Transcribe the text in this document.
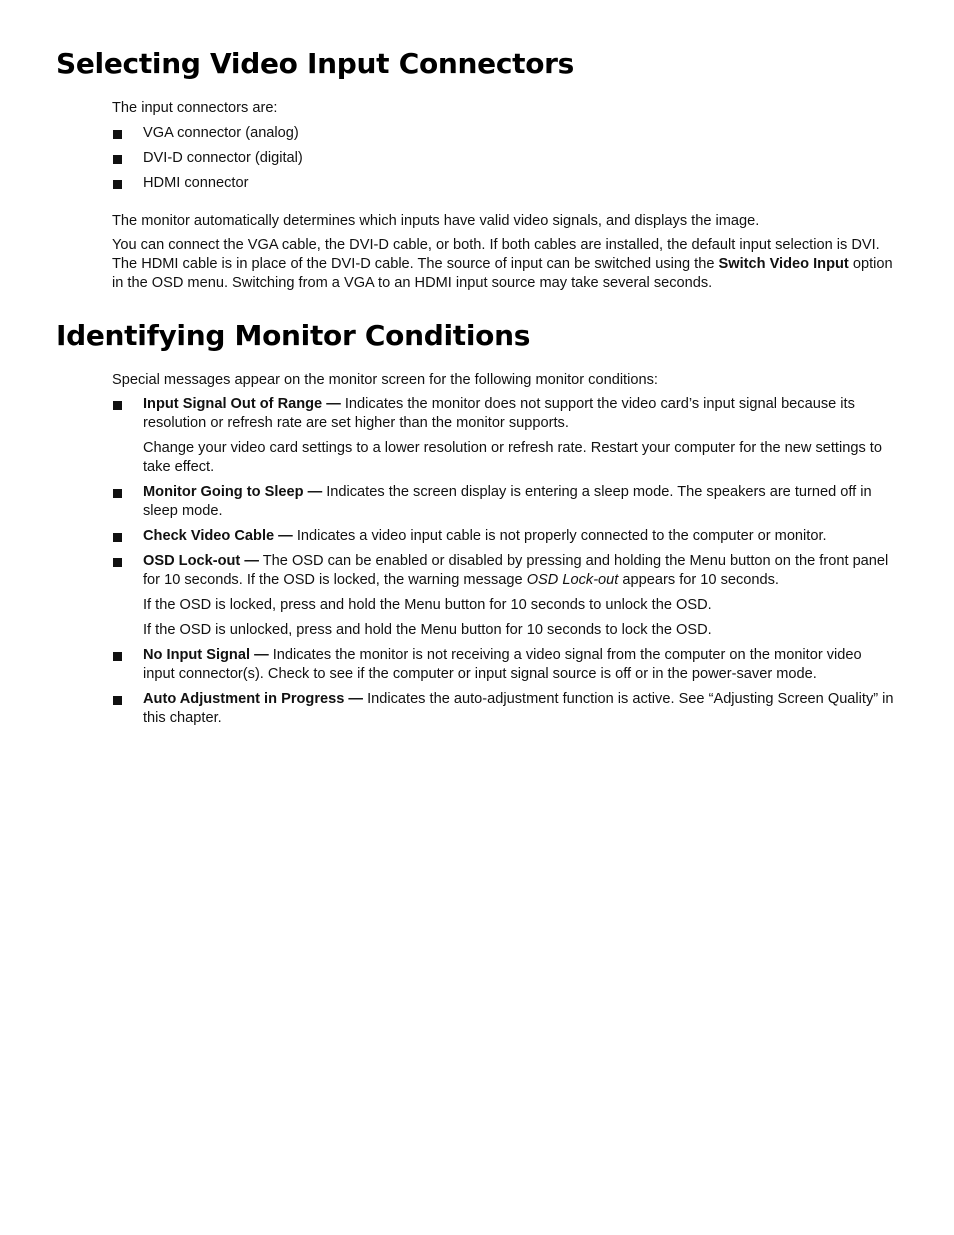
Selecting Video Input Connectors

The input connectors are:

VGA connector (analog)
DVI-D connector (digital)
HDMI connector

The monitor automatically determines which inputs have valid video signals, and displays the image.

You can connect the VGA cable, the DVI-D cable, or both. If both cables are installed, the default input selection is DVI. The HDMI cable is in place of the DVI-D cable. The source of input can be switched using the Switch Video Input option in the OSD menu. Switching from a VGA to an HDMI input source may take several seconds.

Identifying Monitor Conditions

Special messages appear on the monitor screen for the following monitor conditions:

Input Signal Out of Range — Indicates the monitor does not support the video card’s input signal because its resolution or refresh rate are set higher than the monitor supports.

Change your video card settings to a lower resolution or refresh rate. Restart your computer for the new settings to take effect.

Monitor Going to Sleep — Indicates the screen display is entering a sleep mode. The speakers are turned off in sleep mode.
Check Video Cable — Indicates a video input cable is not properly connected to the computer or monitor.
OSD Lock-out — The OSD can be enabled or disabled by pressing and holding the Menu button on the front panel for 10 seconds. If the OSD is locked, the warning message OSD Lock-out appears for 10 seconds.

If the OSD is locked, press and hold the Menu button for 10 seconds to unlock the OSD.

If the OSD is unlocked, press and hold the Menu button for 10 seconds to lock the OSD.

No Input Signal — Indicates the monitor is not receiving a video signal from the computer on the monitor video input connector(s). Check to see if the computer or input signal source is off or in the power-saver mode.
Auto Adjustment in Progress — Indicates the auto-adjustment function is active. See “Adjusting Screen Quality” in this chapter.
